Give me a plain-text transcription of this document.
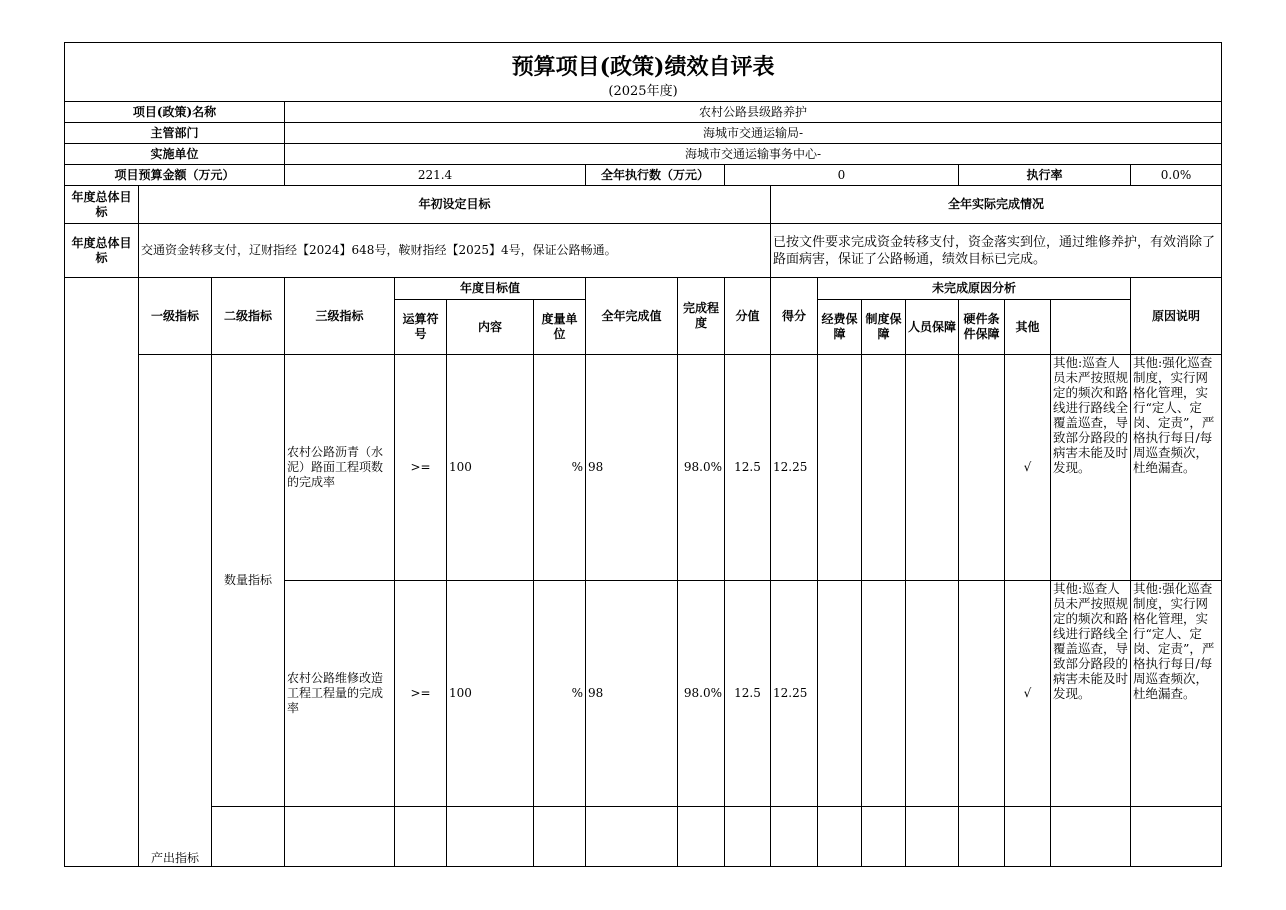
预算项目(政策)绩效自评表																		
(2025年度)																		
项目(政策)名称			农村公路县级路养护															
主管部门			海城市交通运输局-															
实施单位			海城市交通运输事务中心-															
项目预算金额（万元）			221.4				全年执行数（万元）		0					执行率			0.0%	
年度总体目标	年初设定目标									全年实际完成情况								
年度总体目标	交通资金转移支付，辽财指经【2024】648号，鞍财指经【2025】4号，保证公路畅通。									已按文件要求完成资金转移支付，资金落实到位，通过维修养护，有效消除了路面病害，保证了公路畅通，绩效目标已完成。								
	一级指标	二级指标	三级指标	年度目标值			全年完成值	完成程度	分值	得分	未完成原因分析						原因说明	
				运算符号	内容	度量单位					经费保障	制度保障	人员保障	硬件条件保障	其他			
	产出指标	数量指标	农村公路沥青（水泥）路面工程项数的完成率	>=	100	%	98	98.0%	12.5	12.25					√	其他:巡查人员未严按照规定的频次和路线进行路线全覆盖巡查，导致部分路段的病害未能及时发现。	其他:强化巡查制度，实行网格化管理，实行“定人、定岗、定责”，严格执行每日/每周巡查频次，杜绝漏查。	
			农村公路维修改造工程工程量的完成率	>=	100	%	98	98.0%	12.5	12.25					√	其他:巡查人员未严按照规定的频次和路线进行路线全覆盖巡查，导致部分路段的病害未能及时发现。	其他:强化巡查制度，实行网格化管理，实行“定人、定岗、定责”，严格执行每日/每周巡查频次，杜绝漏查。	
